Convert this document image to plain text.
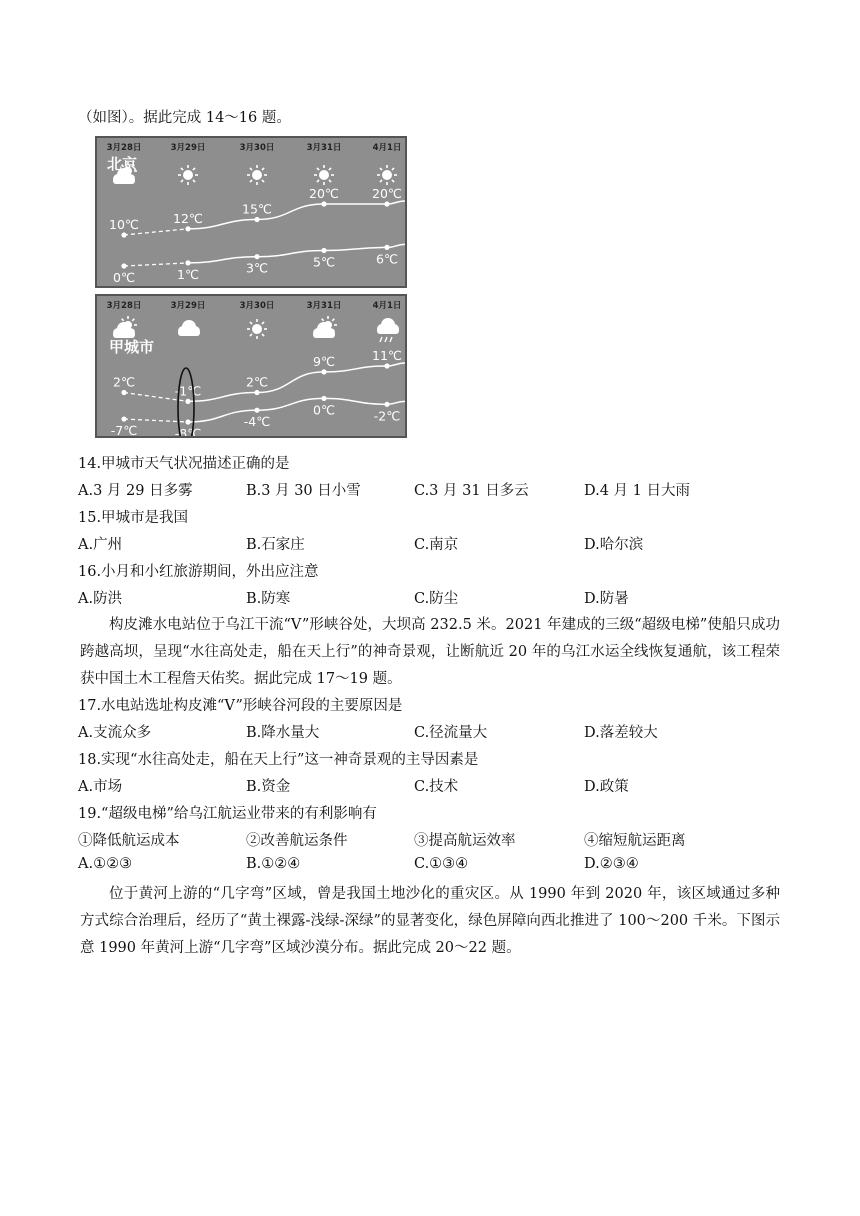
（如图）。据此完成 14～16 题。
3月28日	3月29日	3月30日	3月31日	4月1日
北京
10℃	12℃
15℃
20℃	20℃
0℃	1℃	3℃	5℃	6℃
3月28日	3月29日	3月30日	3月31日	4月1日
甲城市
2℃
-1℃
2℃
9℃	11℃
-7℃	-8℃
-4℃
0℃	-2℃
14.甲城市天气状况描述正确的是
A.3 月 29 日多雾	B.3 月 30 日小雪	C.3 月 31 日多云	D.4 月 1 日大雨
15.甲城市是我国
A.广州	B.石家庄	C.南京	D.哈尔滨
16.小月和小红旅游期间，外出应注意
A.防洪	B.防寒	C.防尘	D.防暑
构皮滩水电站位于乌江干流“V”形峡谷处，大坝高 232.5 米。2021 年建成的三级“超级电梯”使船只成功跨越高坝，呈现“水往高处走，船在天上行”的神奇景观，让断航近 20 年的乌江水运全线恢复通航，该工程荣获中国土木工程詹天佑奖。据此完成 17～19 题。
17.水电站选址构皮滩“V”形峡谷河段的主要原因是
A.支流众多	B.降水量大	C.径流量大	D.落差较大
18.实现“水往高处走，船在天上行”这一神奇景观的主导因素是
A.市场	B.资金	C.技术	D.政策
19.“超级电梯”给乌江航运业带来的有利影响有
①降低航运成本	②改善航运条件	③提高航运效率	④缩短航运距离
A.①②③	B.①②④	C.①③④	D.②③④
位于黄河上游的“几字弯”区域，曾是我国土地沙化的重灾区。从 1990 年到 2020 年，该区域通过多种方式综合治理后，经历了“黄土裸露-浅绿-深绿”的显著变化，绿色屏障向西北推进了 100～200 千米。下图示意 1990 年黄河上游“几字弯”区域沙漠分布。据此完成 20～22 题。
